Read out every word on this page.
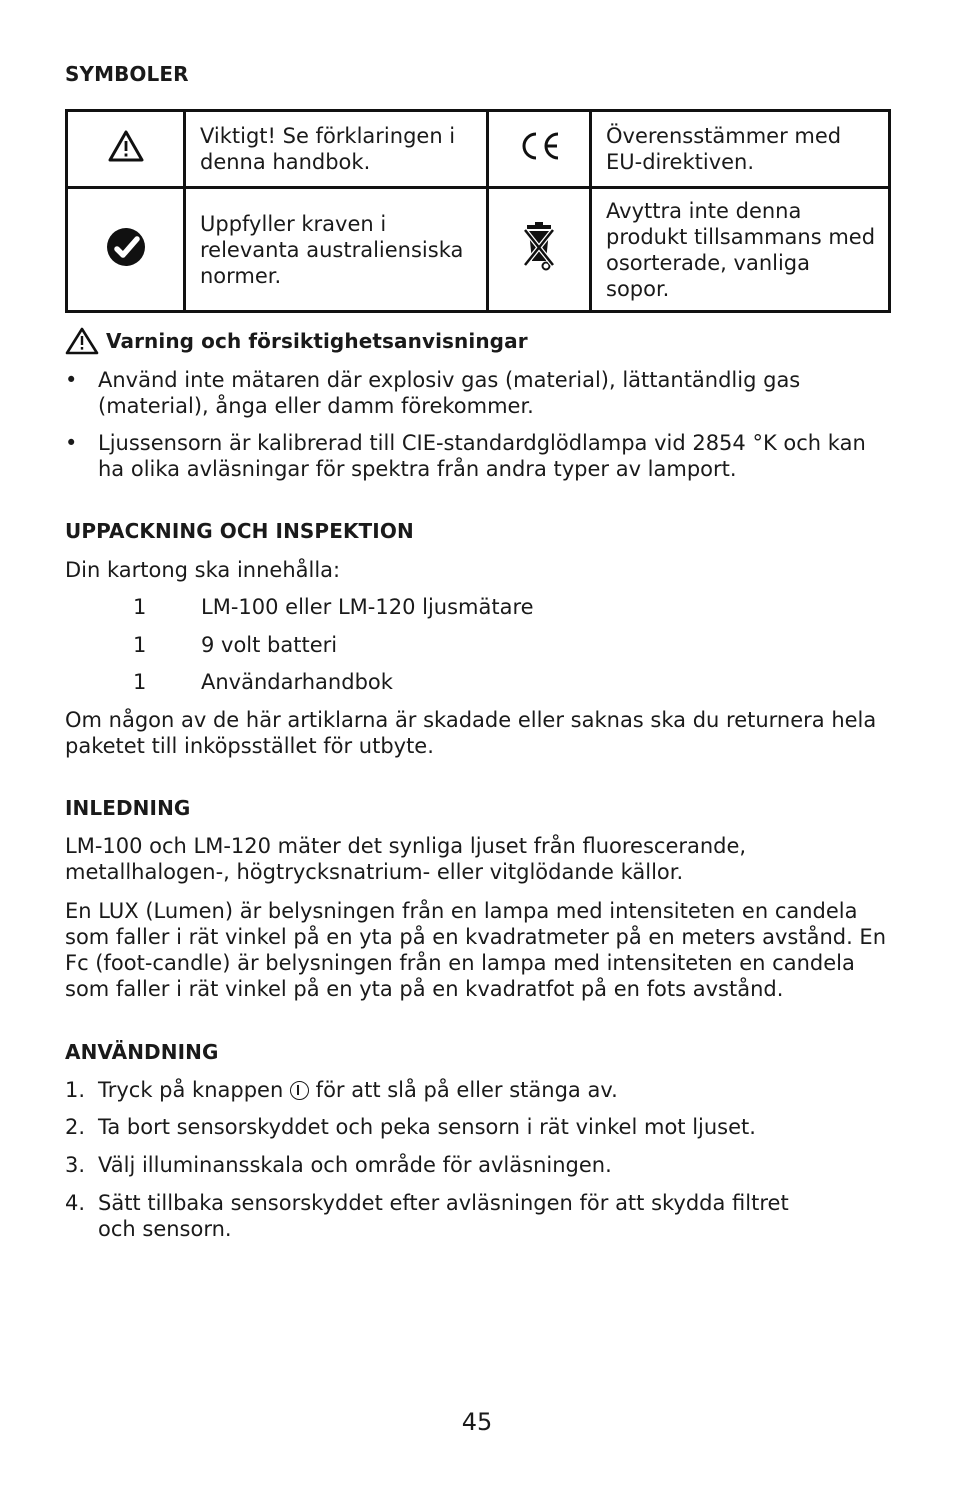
SYMBOLER
	Viktigt! Se förklaringen i denna handbok.		Överensstämmer med EU-direktiven.
	Uppfyller kraven i relevanta australiensiska normer.		Avyttra inte denna produkt tillsammans med osorterade, vanliga sopor.
Varning och försiktighetsanvisningar
• Använd inte mätaren där explosiv gas (material), lättantändlig gas (material), ånga eller damm förekommer.

• Ljussensorn är kalibrerad till CIE-standardglödlampa vid 2854 °K och kan ha olika avläsningar för spektra från andra typer av lamport.

UPPACKNING OCH INSPEKTION

Din kartong ska innehålla:

1	LM-100 eller LM-120 ljusmätare
1	9 volt batteri
1	Användarhandbok

Om någon av de här artiklarna är skadade eller saknas ska du returnera hela paketet till inköpsstället för utbyte.

INLEDNING

LM-100 och LM-120 mäter det synliga ljuset från fluorescerande, metallhalogen-, högtrycksnatrium- eller vitglödande källor.

En LUX (Lumen) är belysningen från en lampa med intensiteten en candela som faller i rät vinkel på en yta på en kvadratmeter på en meters avstånd. En Fc (foot-candle) är belysningen från en lampa med intensiteten en candela som faller i rät vinkel på en yta på en kvadratfot på en fots avstånd.

ANVÄNDNING
1. Tryck på knappen för att slå på eller stänga av.

2. Ta bort sensorskyddet och peka sensorn i rät vinkel mot ljuset.

3. Välj illuminansskala och område för avläsningen.

4. Sätt tillbaka sensorskyddet efter avläsningen för att skydda filtret och sensorn.

45
